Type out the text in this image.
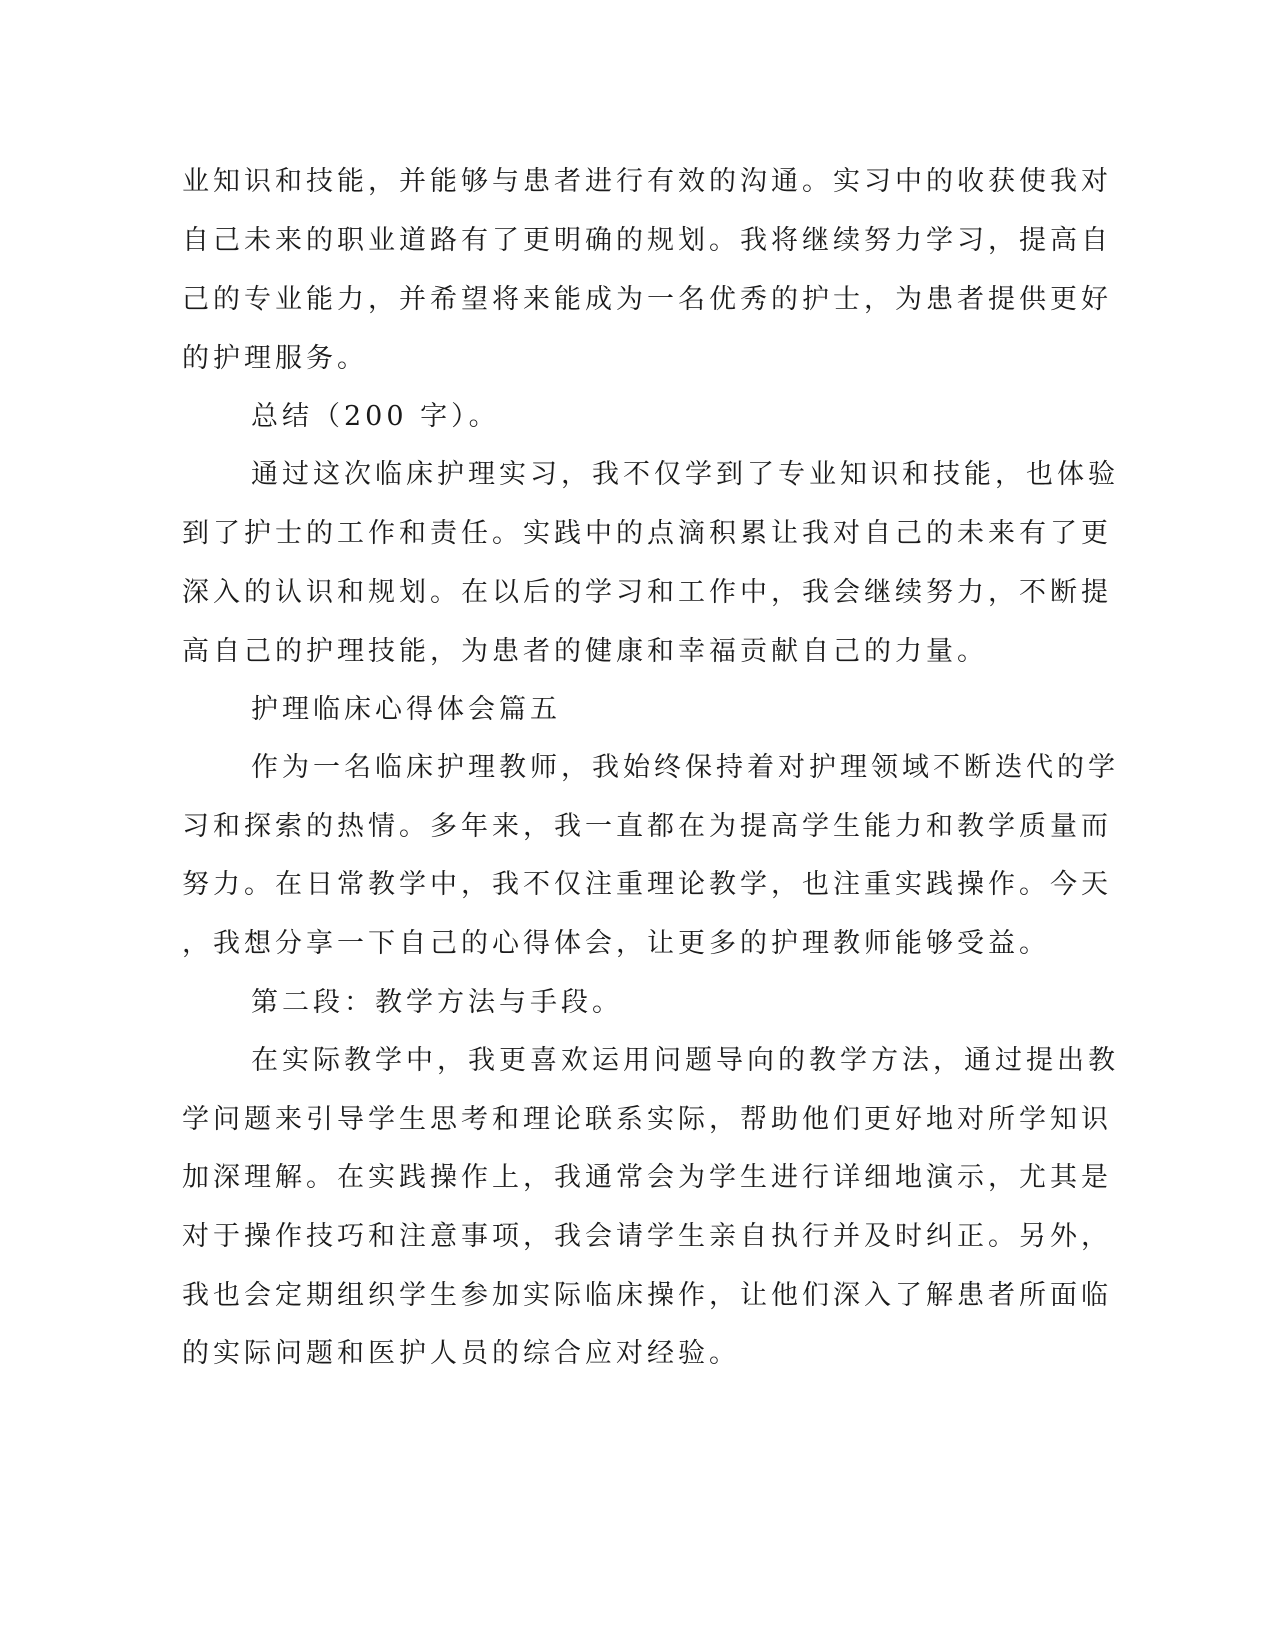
业知识和技能，并能够与患者进行有效的沟通。实习中的收获使我对

自己未来的职业道路有了更明确的规划。我将继续努力学习，提高自

己的专业能力，并希望将来能成为一名优秀的护士，为患者提供更好

的护理服务。

总结（200 字）。

通过这次临床护理实习，我不仅学到了专业知识和技能，也体验

到了护士的工作和责任。实践中的点滴积累让我对自己的未来有了更

深入的认识和规划。在以后的学习和工作中，我会继续努力，不断提

高自己的护理技能，为患者的健康和幸福贡献自己的力量。

护理临床心得体会篇五

作为一名临床护理教师，我始终保持着对护理领域不断迭代的学

习和探索的热情。多年来，我一直都在为提高学生能力和教学质量而

努力。在日常教学中，我不仅注重理论教学，也注重实践操作。今天

，我想分享一下自己的心得体会，让更多的护理教师能够受益。

第二段：教学方法与手段。

在实际教学中，我更喜欢运用问题导向的教学方法，通过提出教

学问题来引导学生思考和理论联系实际，帮助他们更好地对所学知识

加深理解。在实践操作上，我通常会为学生进行详细地演示，尤其是

对于操作技巧和注意事项，我会请学生亲自执行并及时纠正。另外，

我也会定期组织学生参加实际临床操作，让他们深入了解患者所面临

的实际问题和医护人员的综合应对经验。
